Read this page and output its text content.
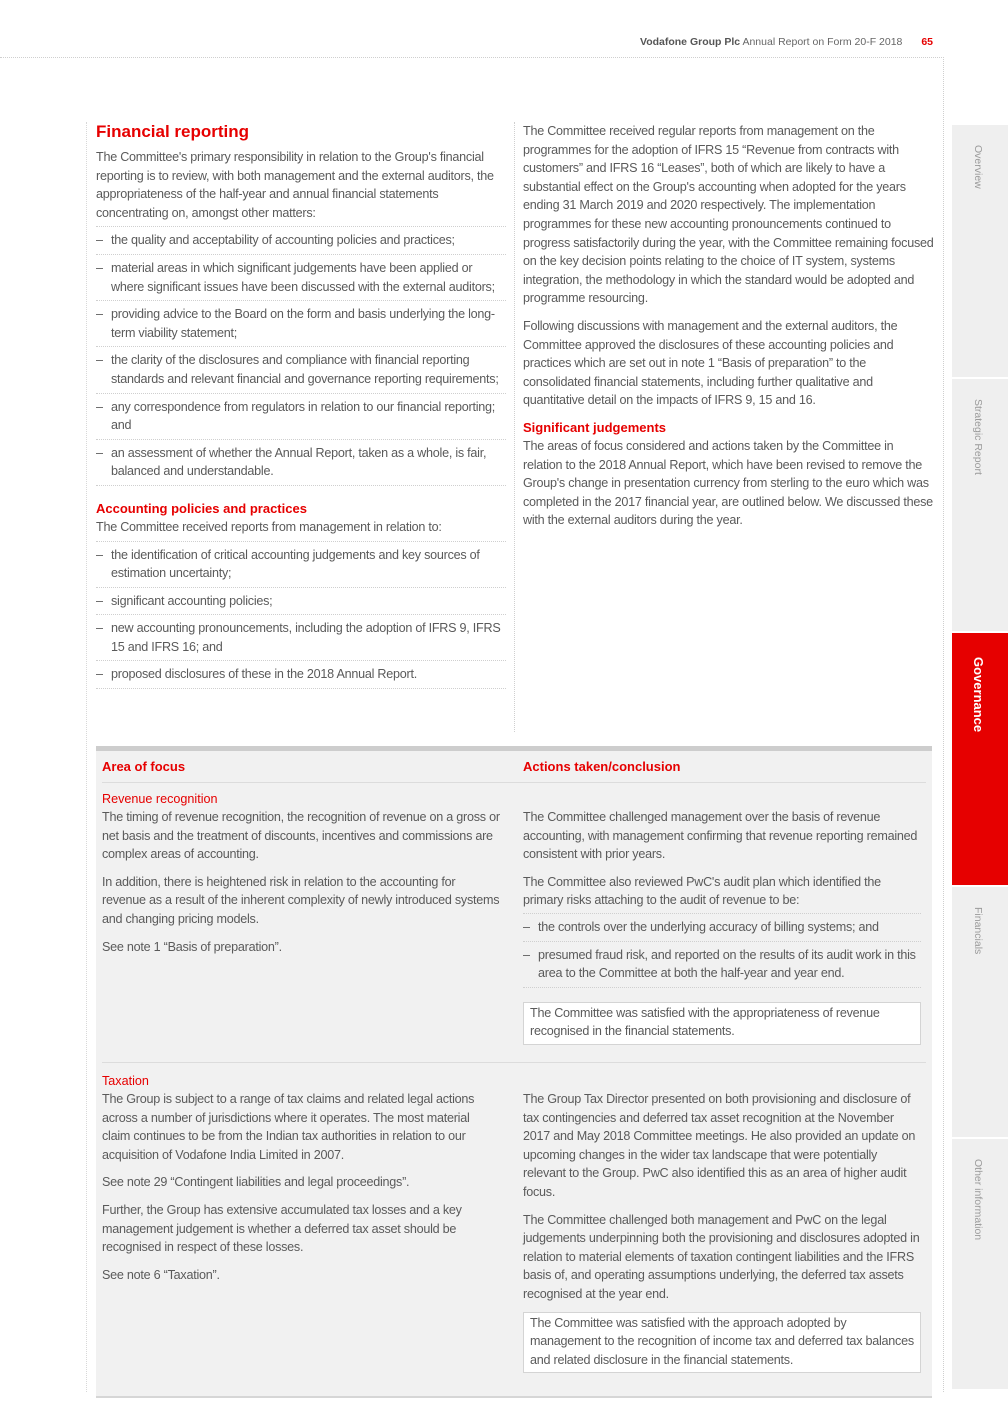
Vodafone Group Plc Annual Report on Form 20-F 2018 65
Overview
Strategic Report
Governance
Financials
Other information
Financial reporting

The Committee's primary responsibility in relation to the Group's financial reporting is to review, with both management and the external auditors, the appropriateness of the half-year and annual financial statements concentrating on, amongst other matters:

– the quality and acceptability of accounting policies and practices;
– material areas in which significant judgements have been applied or where significant issues have been discussed with the external auditors;
– providing advice to the Board on the form and basis underlying the long-term viability statement;
– the clarity of the disclosures and compliance with financial reporting standards and relevant financial and governance reporting requirements;
– any correspondence from regulators in relation to our financial reporting; and
– an assessment of whether the Annual Report, taken as a whole, is fair, balanced and understandable.
Accounting policies and practices

The Committee received reports from management in relation to:

– the identification of critical accounting judgements and key sources of estimation uncertainty;
– significant accounting policies;
– new accounting pronouncements, including the adoption of IFRS 9, IFRS 15 and IFRS 16; and
– proposed disclosures of these in the 2018 Annual Report.

The Committee received regular reports from management on the programmes for the adoption of IFRS 15 “Revenue from contracts with customers” and IFRS 16 “Leases”, both of which are likely to have a substantial effect on the Group's accounting when adopted for the years ending 31 March 2019 and 2020 respectively. The implementation programmes for these new accounting pronouncements continued to progress satisfactorily during the year, with the Committee remaining focused on the key decision points relating to the choice of IT system, systems integration, the methodology in which the standard would be adopted and programme resourcing.

Following discussions with management and the external auditors, the Committee approved the disclosures of these accounting policies and practices which are set out in note 1 “Basis of preparation” to the consolidated financial statements, including further qualitative and quantitative detail on the impacts of IFRS 9, 15 and 16.

Significant judgements

The areas of focus considered and actions taken by the Committee in relation to the 2018 Annual Report, which have been revised to remove the Group's change in presentation currency from sterling to the euro which was completed in the 2017 financial year, are outlined below. We discussed these with the external auditors during the year.

Area of focus	Actions taken/conclusion
Revenue recognition

The timing of revenue recognition, the recognition of revenue on a gross or net basis and the treatment of discounts, incentives and commissions are complex areas of accounting.

In addition, there is heightened risk in relation to the accounting for revenue as a result of the inherent complexity of newly introduced systems and changing pricing models.

See note 1 “Basis of preparation”.

The Committee challenged management over the basis of revenue accounting, with management confirming that revenue reporting remained consistent with prior years.

The Committee also reviewed PwC's audit plan which identified the primary risks attaching to the audit of revenue to be:

– the controls over the underlying accuracy of billing systems; and
– presumed fraud risk, and reported on the results of its audit work in this area to the Committee at both the half-year and year end.

The Committee was satisfied with the appropriateness of revenue recognised in the financial statements.

Taxation

The Group is subject to a range of tax claims and related legal actions across a number of jurisdictions where it operates. The most material claim continues to be from the Indian tax authorities in relation to our acquisition of Vodafone India Limited in 2007.

See note 29 “Contingent liabilities and legal proceedings”.

Further, the Group has extensive accumulated tax losses and a key management judgement is whether a deferred tax asset should be recognised in respect of these losses.

See note 6 “Taxation”.

The Group Tax Director presented on both provisioning and disclosure of tax contingencies and deferred tax asset recognition at the November 2017 and May 2018 Committee meetings. He also provided an update on upcoming changes in the wider tax landscape that were potentially relevant to the Group. PwC also identified this as an area of higher audit focus.

The Committee challenged both management and PwC on the legal judgements underpinning both the provisioning and disclosures adopted in relation to material elements of taxation contingent liabilities and the IFRS basis of, and operating assumptions underlying, the deferred tax assets recognised at the year end.

The Committee was satisfied with the approach adopted by management to the recognition of income tax and deferred tax balances and related disclosure in the financial statements.
